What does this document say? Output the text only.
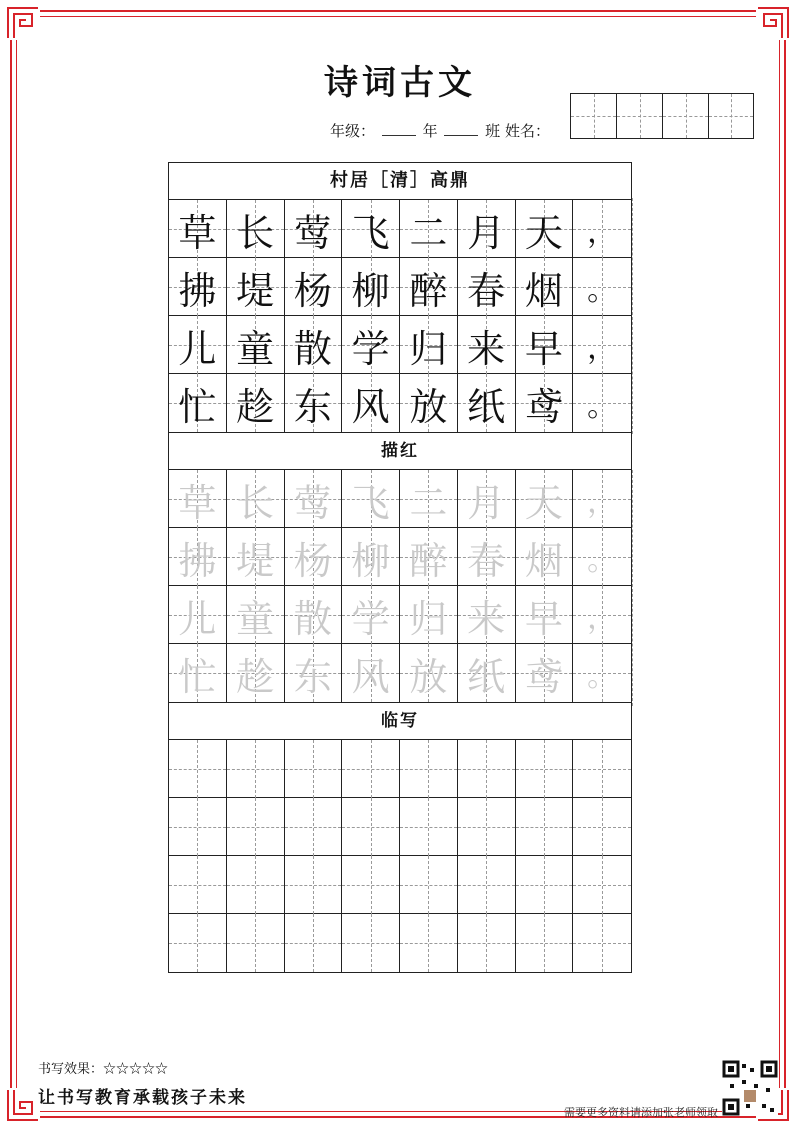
诗词古文
年级：	年	班 姓名：
村居［清］高鼎
草 长 莺 飞 二 月 天 ，
拂 堤 杨 柳 醉 春 烟 。
儿 童 散 学 归 来 早 ，
忙 趁 东 风 放 纸 鸢 。
描红
草 长 莺 飞 二 月 天 ，
拂 堤 杨 柳 醉 春 烟 。
儿 童 散 学 归 来 早 ，
忙 趁 东 风 放 纸 鸢 。
临写
书写效果：☆☆☆☆☆
让书写教育承载孩子未来
需要更多资料请添加张老师领取
